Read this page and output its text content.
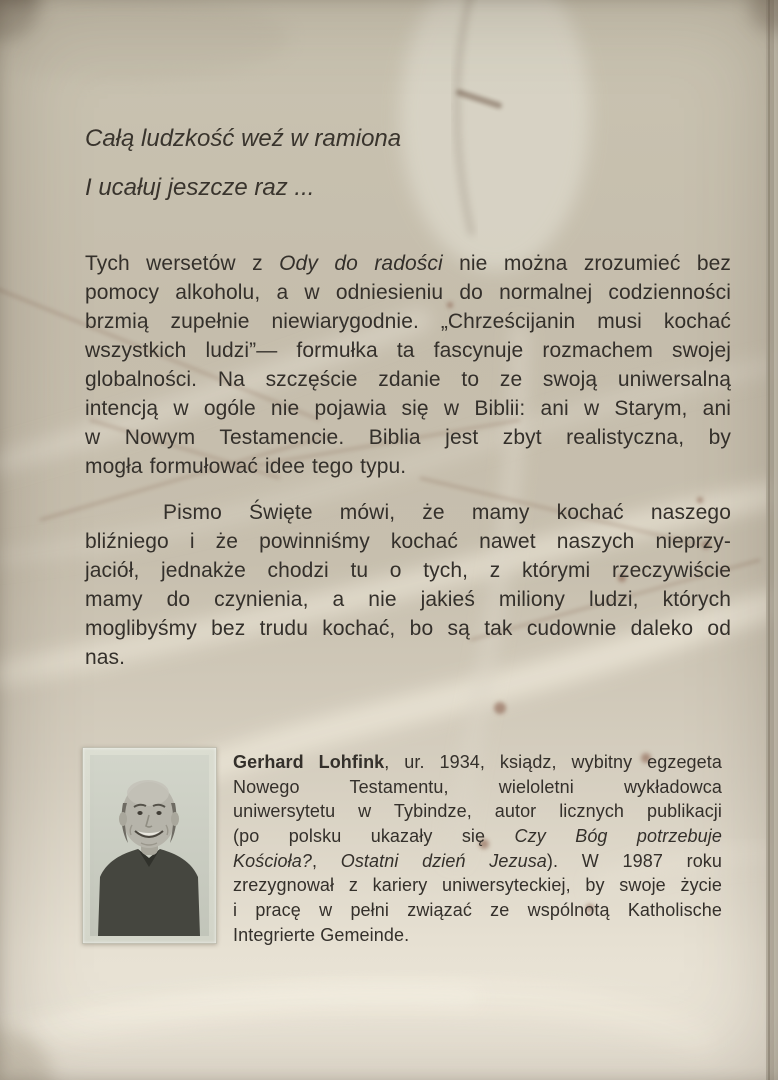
Całą ludzkość weź w ramiona
I ucałuj jeszcze raz ...
Tych wersetów z Ody do radości nie można zrozumieć bez
pomocy alkoholu, a w odniesieniu do normalnej codzienności
brzmią zupełnie niewiarygodnie. „Chrześcijanin musi kochać
wszystkich ludzi”— formułka ta fascynuje rozmachem swojej
globalności. Na szczęście zdanie to ze swoją uniwersalną
intencją w ogóle nie pojawia się w Biblii: ani w Starym, ani
w Nowym Testamencie. Biblia jest zbyt realistyczna, by
mogła formułować idee tego typu.
Pismo Święte mówi, że mamy kochać naszego
bliźniego i że powinniśmy kochać nawet naszych nieprzy-
jaciół, jednakże chodzi tu o tych, z którymi rzeczywiście
mamy do czynienia, a nie jakieś miliony ludzi, których
moglibyśmy bez trudu kochać, bo są tak cudownie daleko od
nas.
Gerhard Lohfink, ur. 1934, ksiądz, wybitny egzegeta
Nowego Testamentu, wieloletni wykładowca
uniwersytetu w Tybindze, autor licznych publikacji
(po polsku ukazały się Czy Bóg potrzebuje
Kościoła?, Ostatni dzień Jezusa). W 1987 roku
zrezygnował z kariery uniwersyteckiej, by swoje życie
i pracę w pełni związać ze wspólnotą Katholische
Integrierte Gemeinde.
